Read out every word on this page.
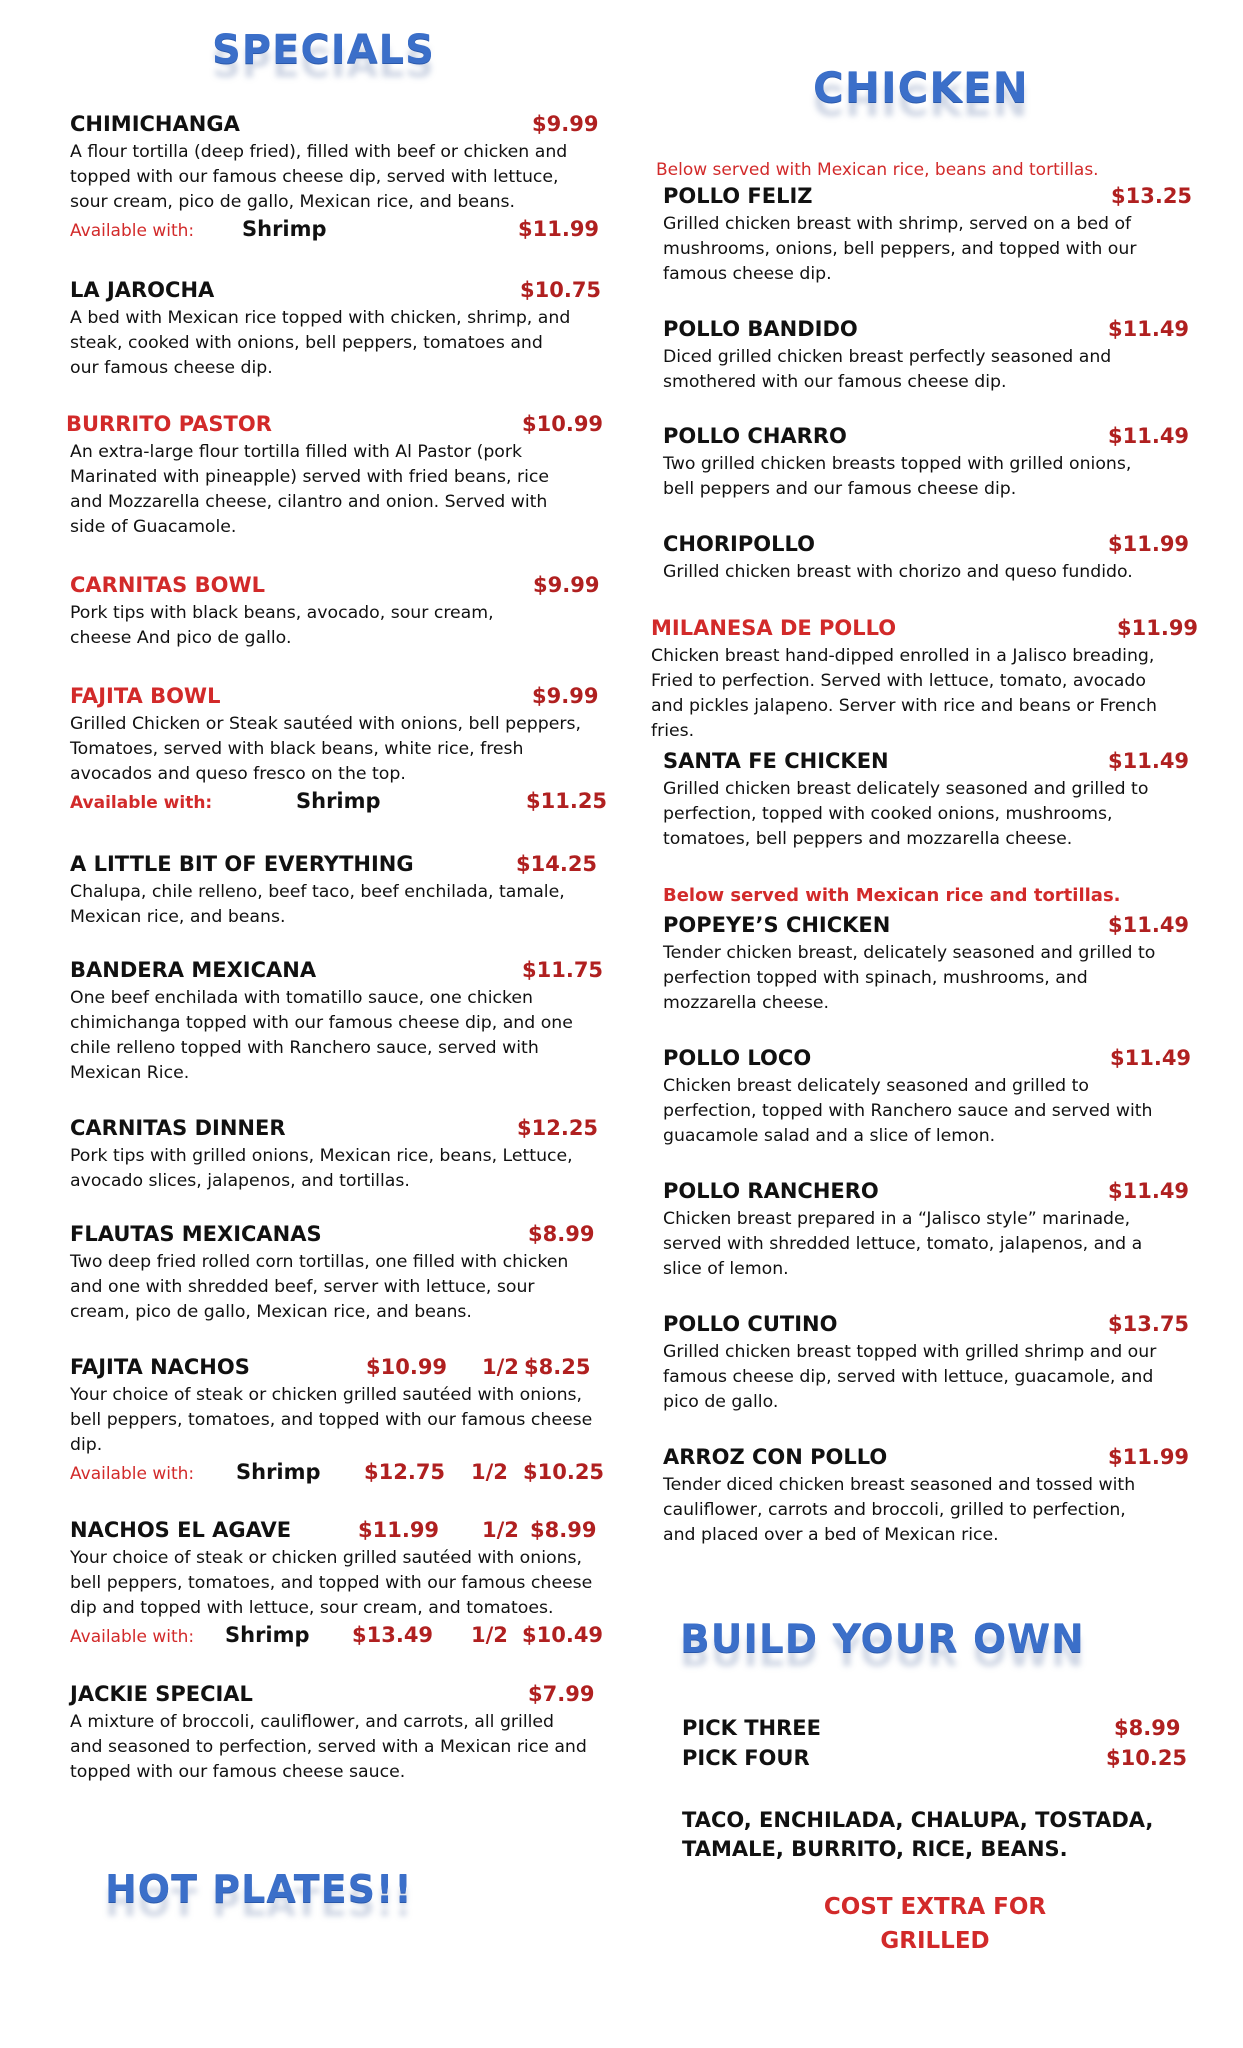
SPECIALS
CHIMICHANGA	$9.99
A flour tortilla (deep fried), filled with beef or chicken and topped with our famous cheese dip, served with lettuce, sour cream, pico de gallo, Mexican rice, and beans.
Available with: Shrimp	$11.99
LA JAROCHA	$10.75
A bed with Mexican rice topped with chicken, shrimp, and steak, cooked with onions, bell peppers, tomatoes and our famous cheese dip.
BURRITO PASTOR	$10.99
An extra-large flour tortilla filled with Al Pastor (pork Marinated with pineapple) served with fried beans, rice and Mozzarella cheese, cilantro and onion. Served with side of Guacamole.
CARNITAS BOWL	$9.99
Pork tips with black beans, avocado, sour cream, cheese And pico de gallo.
FAJITA BOWL	$9.99
Grilled Chicken or Steak sautéed with onions, bell peppers, Tomatoes, served with black beans, white rice, fresh avocados and queso fresco on the top.
Available with:	Shrimp	$11.25
A LITTLE BIT OF EVERYTHING	$14.25
Chalupa, chile relleno, beef taco, beef enchilada, tamale, Mexican rice, and beans.
BANDERA MEXICANA	$11.75
One beef enchilada with tomatillo sauce, one chicken chimichanga topped with our famous cheese dip, and one chile relleno topped with Ranchero sauce, served with Mexican Rice.
CARNITAS DINNER	$12.25
Pork tips with grilled onions, Mexican rice, beans, Lettuce, avocado slices, jalapenos, and tortillas.
FLAUTAS MEXICANAS	$8.99
Two deep fried rolled corn tortillas, one filled with chicken and one with shredded beef, server with lettuce, sour cream, pico de gallo, Mexican rice, and beans.
FAJITA NACHOS	$10.99 1/2 $8.25
Your choice of steak or chicken grilled sautéed with onions, bell peppers, tomatoes, and topped with our famous cheese dip.
Available with: Shrimp $12.75 1/2 $10.25
NACHOS EL AGAVE	$11.99 1/2 $8.99
Your choice of steak or chicken grilled sautéed with onions, bell peppers, tomatoes, and topped with our famous cheese dip and topped with lettuce, sour cream, and tomatoes.
Available with: Shrimp $13.49 1/2 $10.49
JACKIE SPECIAL	$7.99
A mixture of broccoli, cauliflower, and carrots, all grilled and seasoned to perfection, served with a Mexican rice and topped with our famous cheese sauce.
HOT PLATES!!
CHICKEN
Below served with Mexican rice, beans and tortillas.
POLLO FELIZ	$13.25
Grilled chicken breast with shrimp, served on a bed of mushrooms, onions, bell peppers, and topped with our famous cheese dip.
POLLO BANDIDO	$11.49
Diced grilled chicken breast perfectly seasoned and smothered with our famous cheese dip.
POLLO CHARRO	$11.49
Two grilled chicken breasts topped with grilled onions, bell peppers and our famous cheese dip.
CHORIPOLLO	$11.99
Grilled chicken breast with chorizo and queso fundido.
MILANESA DE POLLO	$11.99
Chicken breast hand-dipped enrolled in a Jalisco breading, Fried to perfection. Served with lettuce, tomato, avocado and pickles jalapeno. Server with rice and beans or French fries.
SANTA FE CHICKEN	$11.49
Grilled chicken breast delicately seasoned and grilled to perfection, topped with cooked onions, mushrooms, tomatoes, bell peppers and mozzarella cheese.
Below served with Mexican rice and tortillas.
POPEYE’S CHICKEN	$11.49
Tender chicken breast, delicately seasoned and grilled to perfection topped with spinach, mushrooms, and mozzarella cheese.
POLLO LOCO	$11.49
Chicken breast delicately seasoned and grilled to perfection, topped with Ranchero sauce and served with guacamole salad and a slice of lemon.
POLLO RANCHERO	$11.49
Chicken breast prepared in a “Jalisco style” marinade, served with shredded lettuce, tomato, jalapenos, and a slice of lemon.
POLLO CUTINO	$13.75
Grilled chicken breast topped with grilled shrimp and our famous cheese dip, served with lettuce, guacamole, and pico de gallo.
ARROZ CON POLLO	$11.99
Tender diced chicken breast seasoned and tossed with cauliflower, carrots and broccoli, grilled to perfection, and placed over a bed of Mexican rice.
BUILD YOUR OWN
PICK THREE	$8.99
PICK FOUR	$10.25
TACO, ENCHILADA, CHALUPA, TOSTADA, TAMALE, BURRITO, RICE, BEANS.
COST EXTRA FOR GRILLED
